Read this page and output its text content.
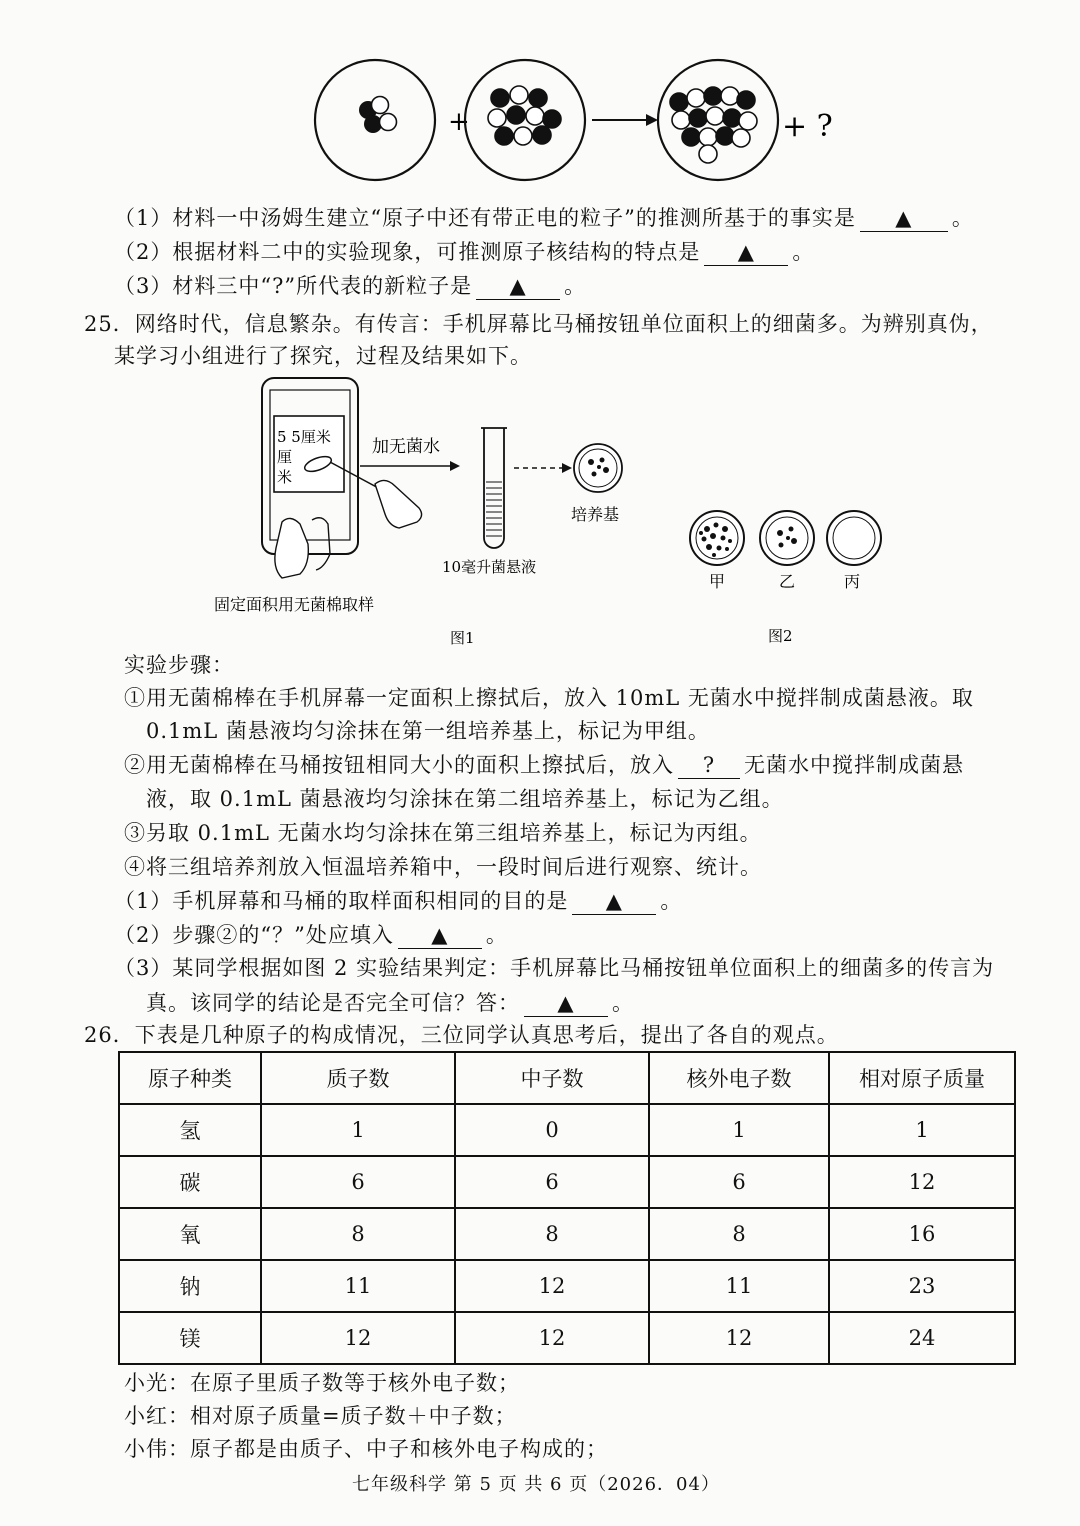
+	+ ?
（1）材料一中汤姆生建立“原子中还有带正电的粒子”的推测所基于的事实是 ▲ 。
（2）根据材料二中的实验现象，可推测原子核结构的特点是 ▲ 。
（3）材料三中“?”所代表的新粒子是 ▲ 。
25．网络时代，信息繁杂。有传言：手机屏幕比马桶按钮单位面积上的细菌多。为辨别真伪，
某学习小组进行了探究，过程及结果如下。
5 5厘米
厘
米
加无菌水
10毫升菌悬液
培养基
固定面积用无菌棉取样
图1
甲	乙	丙
图2
实验步骤：
①用无菌棉棒在手机屏幕一定面积上擦拭后，放入 10mL 无菌水中搅拌制成菌悬液。取
0.1mL 菌悬液均匀涂抹在第一组培养基上，标记为甲组。
②用无菌棉棒在马桶按钮相同大小的面积上擦拭后，放入 ? 无菌水中搅拌制成菌悬
液，取 0.1mL 菌悬液均匀涂抹在第二组培养基上，标记为乙组。
③另取 0.1mL 无菌水均匀涂抹在第三组培养基上，标记为丙组。
④将三组培养剂放入恒温培养箱中，一段时间后进行观察、统计。
（1）手机屏幕和马桶的取样面积相同的目的是 ▲ 。
（2）步骤②的“？”处应填入 ▲ 。
（3）某同学根据如图 2 实验结果判定：手机屏幕比马桶按钮单位面积上的细菌多的传言为
真。该同学的结论是否完全可信？答： ▲ 。
26．下表是几种原子的构成情况，三位同学认真思考后，提出了各自的观点。
原子种类	质子数	中子数	核外电子数	相对原子质量
氢	1	0	1	1
碳	6	6	6	12
氧	8	8	8	16
钠	11	12	11	23
镁	12	12	12	24
小光：在原子里质子数等于核外电子数；
小红：相对原子质量=质子数＋中子数；
小伟：原子都是由质子、中子和核外电子构成的；
七年级科学 第 5 页 共 6 页（2026．04）
